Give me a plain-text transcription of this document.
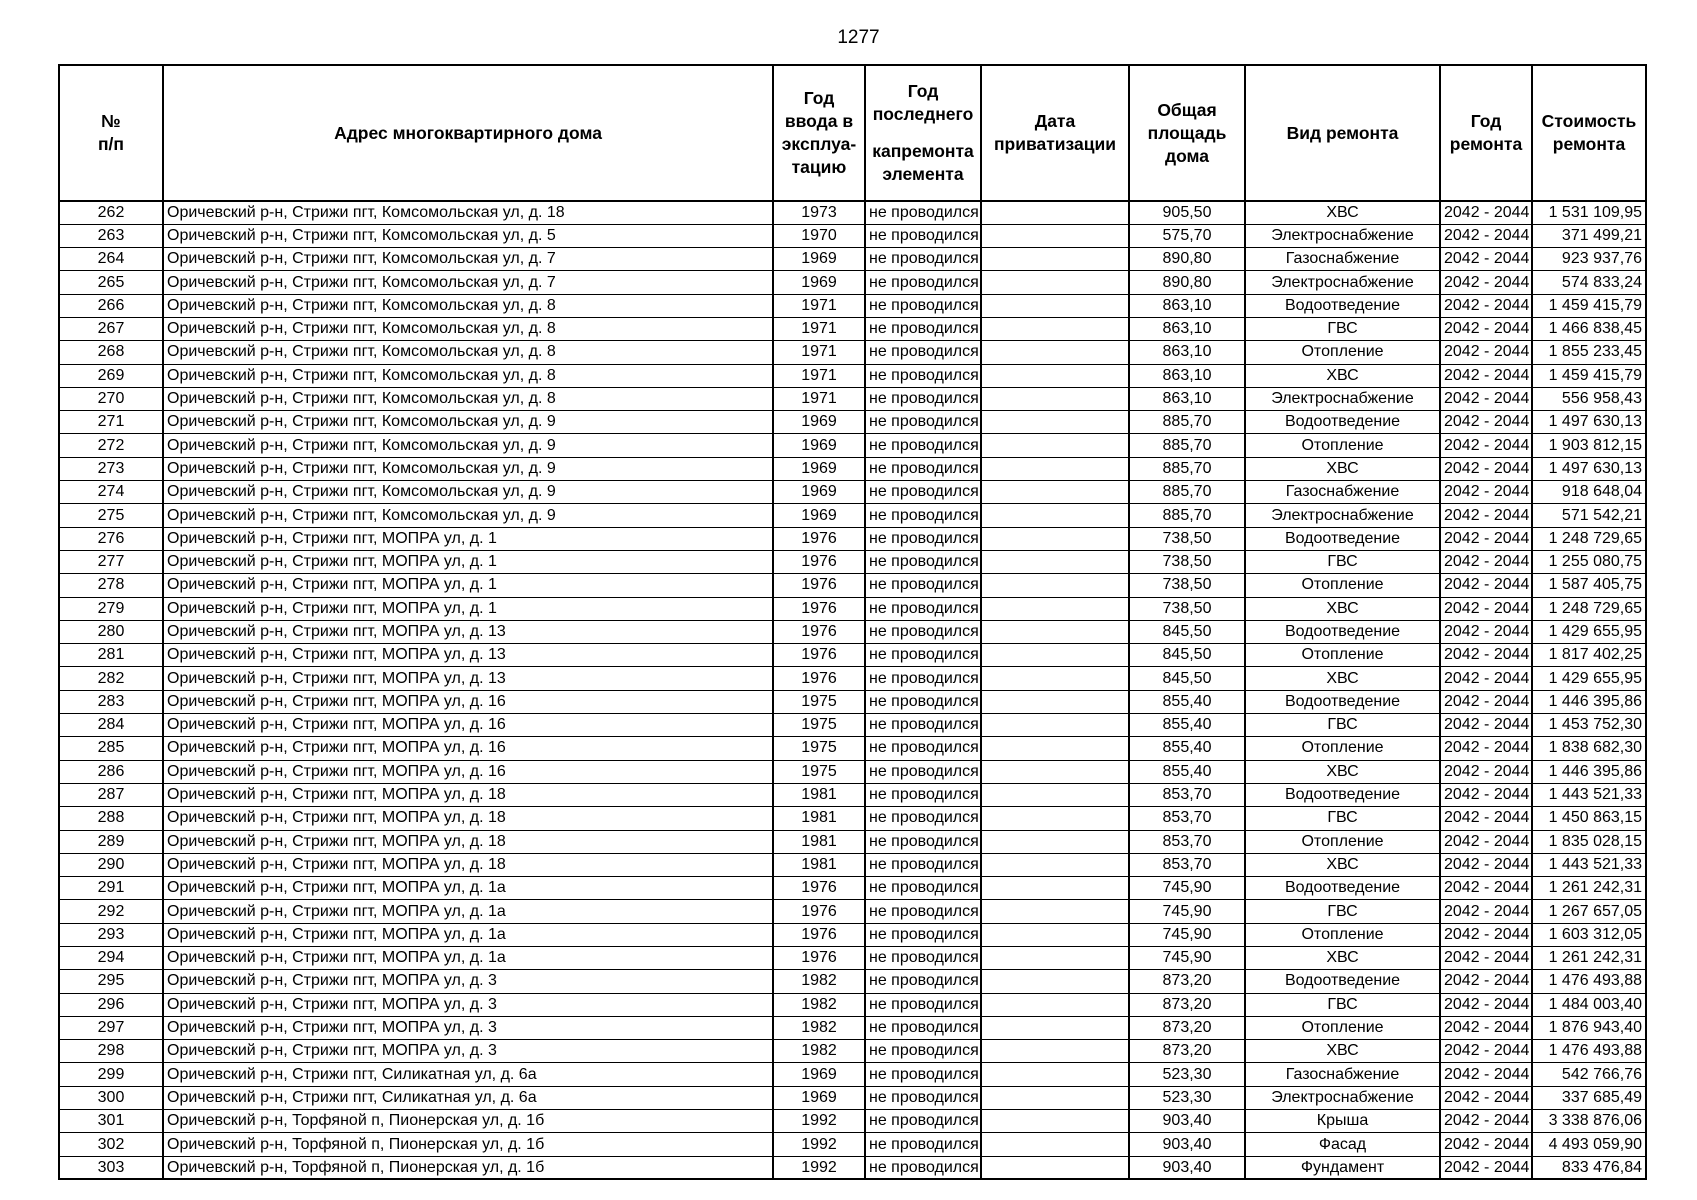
1277
№
п/п	Адрес многоквартирного дома	Год
ввода в
эксплуа-
тацию	Год
последнего
капремонта
элемента	Дата
приватизации	Общая
площадь
дома	Вид ремонта	Год
ремонта	Стоимость
ремонта

262	Оричевский р-н, Стрижи пгт, Комсомольская ул, д. 18	1973	не проводился		905,50	ХВС	2042 - 2044	1 531 109,95
263	Оричевский р-н, Стрижи пгт, Комсомольская ул, д. 5	1970	не проводился		575,70	Электроснабжение	2042 - 2044	371 499,21
264	Оричевский р-н, Стрижи пгт, Комсомольская ул, д. 7	1969	не проводился		890,80	Газоснабжение	2042 - 2044	923 937,76
265	Оричевский р-н, Стрижи пгт, Комсомольская ул, д. 7	1969	не проводился		890,80	Электроснабжение	2042 - 2044	574 833,24
266	Оричевский р-н, Стрижи пгт, Комсомольская ул, д. 8	1971	не проводился		863,10	Водоотведение	2042 - 2044	1 459 415,79
267	Оричевский р-н, Стрижи пгт, Комсомольская ул, д. 8	1971	не проводился		863,10	ГВС	2042 - 2044	1 466 838,45
268	Оричевский р-н, Стрижи пгт, Комсомольская ул, д. 8	1971	не проводился		863,10	Отопление	2042 - 2044	1 855 233,45
269	Оричевский р-н, Стрижи пгт, Комсомольская ул, д. 8	1971	не проводился		863,10	ХВС	2042 - 2044	1 459 415,79
270	Оричевский р-н, Стрижи пгт, Комсомольская ул, д. 8	1971	не проводился		863,10	Электроснабжение	2042 - 2044	556 958,43
271	Оричевский р-н, Стрижи пгт, Комсомольская ул, д. 9	1969	не проводился		885,70	Водоотведение	2042 - 2044	1 497 630,13
272	Оричевский р-н, Стрижи пгт, Комсомольская ул, д. 9	1969	не проводился		885,70	Отопление	2042 - 2044	1 903 812,15
273	Оричевский р-н, Стрижи пгт, Комсомольская ул, д. 9	1969	не проводился		885,70	ХВС	2042 - 2044	1 497 630,13
274	Оричевский р-н, Стрижи пгт, Комсомольская ул, д. 9	1969	не проводился		885,70	Газоснабжение	2042 - 2044	918 648,04
275	Оричевский р-н, Стрижи пгт, Комсомольская ул, д. 9	1969	не проводился		885,70	Электроснабжение	2042 - 2044	571 542,21
276	Оричевский р-н, Стрижи пгт, МОПРА ул, д. 1	1976	не проводился		738,50	Водоотведение	2042 - 2044	1 248 729,65
277	Оричевский р-н, Стрижи пгт, МОПРА ул, д. 1	1976	не проводился		738,50	ГВС	2042 - 2044	1 255 080,75
278	Оричевский р-н, Стрижи пгт, МОПРА ул, д. 1	1976	не проводился		738,50	Отопление	2042 - 2044	1 587 405,75
279	Оричевский р-н, Стрижи пгт, МОПРА ул, д. 1	1976	не проводился		738,50	ХВС	2042 - 2044	1 248 729,65
280	Оричевский р-н, Стрижи пгт, МОПРА ул, д. 13	1976	не проводился		845,50	Водоотведение	2042 - 2044	1 429 655,95
281	Оричевский р-н, Стрижи пгт, МОПРА ул, д. 13	1976	не проводился		845,50	Отопление	2042 - 2044	1 817 402,25
282	Оричевский р-н, Стрижи пгт, МОПРА ул, д. 13	1976	не проводился		845,50	ХВС	2042 - 2044	1 429 655,95
283	Оричевский р-н, Стрижи пгт, МОПРА ул, д. 16	1975	не проводился		855,40	Водоотведение	2042 - 2044	1 446 395,86
284	Оричевский р-н, Стрижи пгт, МОПРА ул, д. 16	1975	не проводился		855,40	ГВС	2042 - 2044	1 453 752,30
285	Оричевский р-н, Стрижи пгт, МОПРА ул, д. 16	1975	не проводился		855,40	Отопление	2042 - 2044	1 838 682,30
286	Оричевский р-н, Стрижи пгт, МОПРА ул, д. 16	1975	не проводился		855,40	ХВС	2042 - 2044	1 446 395,86
287	Оричевский р-н, Стрижи пгт, МОПРА ул, д. 18	1981	не проводился		853,70	Водоотведение	2042 - 2044	1 443 521,33
288	Оричевский р-н, Стрижи пгт, МОПРА ул, д. 18	1981	не проводился		853,70	ГВС	2042 - 2044	1 450 863,15
289	Оричевский р-н, Стрижи пгт, МОПРА ул, д. 18	1981	не проводился		853,70	Отопление	2042 - 2044	1 835 028,15
290	Оричевский р-н, Стрижи пгт, МОПРА ул, д. 18	1981	не проводился		853,70	ХВС	2042 - 2044	1 443 521,33
291	Оричевский р-н, Стрижи пгт, МОПРА ул, д. 1а	1976	не проводился		745,90	Водоотведение	2042 - 2044	1 261 242,31
292	Оричевский р-н, Стрижи пгт, МОПРА ул, д. 1а	1976	не проводился		745,90	ГВС	2042 - 2044	1 267 657,05
293	Оричевский р-н, Стрижи пгт, МОПРА ул, д. 1а	1976	не проводился		745,90	Отопление	2042 - 2044	1 603 312,05
294	Оричевский р-н, Стрижи пгт, МОПРА ул, д. 1а	1976	не проводился		745,90	ХВС	2042 - 2044	1 261 242,31
295	Оричевский р-н, Стрижи пгт, МОПРА ул, д. 3	1982	не проводился		873,20	Водоотведение	2042 - 2044	1 476 493,88
296	Оричевский р-н, Стрижи пгт, МОПРА ул, д. 3	1982	не проводился		873,20	ГВС	2042 - 2044	1 484 003,40
297	Оричевский р-н, Стрижи пгт, МОПРА ул, д. 3	1982	не проводился		873,20	Отопление	2042 - 2044	1 876 943,40
298	Оричевский р-н, Стрижи пгт, МОПРА ул, д. 3	1982	не проводился		873,20	ХВС	2042 - 2044	1 476 493,88
299	Оричевский р-н, Стрижи пгт, Силикатная ул, д. 6а	1969	не проводился		523,30	Газоснабжение	2042 - 2044	542 766,76
300	Оричевский р-н, Стрижи пгт, Силикатная ул, д. 6а	1969	не проводился		523,30	Электроснабжение	2042 - 2044	337 685,49
301	Оричевский р-н, Торфяной п, Пионерская ул, д. 1б	1992	не проводился		903,40	Крыша	2042 - 2044	3 338 876,06
302	Оричевский р-н, Торфяной п, Пионерская ул, д. 1б	1992	не проводился		903,40	Фасад	2042 - 2044	4 493 059,90
303	Оричевский р-н, Торфяной п, Пионерская ул, д. 1б	1992	не проводился		903,40	Фундамент	2042 - 2044	833 476,84
